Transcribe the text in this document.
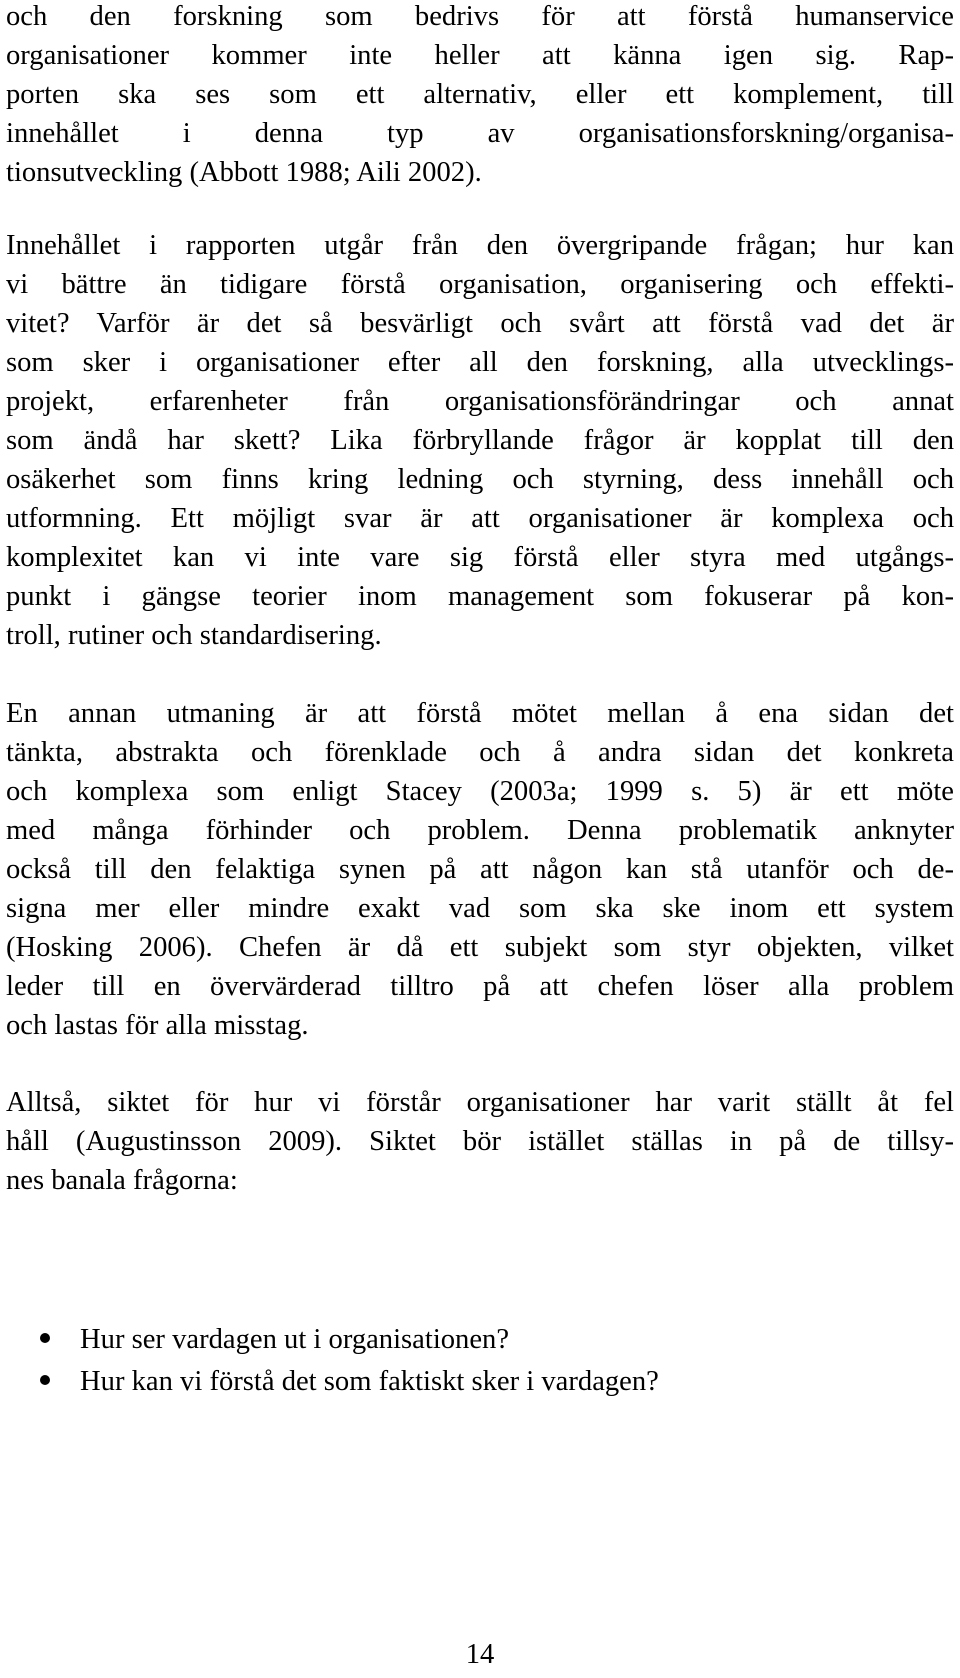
och den forskning som bedrivs för att förstå humanservice
organisationer kommer inte heller att känna igen sig. Rap-
porten ska ses som ett alternativ, eller ett komplement, till
innehållet i denna typ av organisationsforskning/organisa-
tionsutveckling (Abbott 1988; Aili 2002).
Innehållet i rapporten utgår från den övergripande frågan; hur kan
vi bättre än tidigare förstå organisation, organisering och effekti-
vitet? Varför är det så besvärligt och svårt att förstå vad det är
som sker i organisationer efter all den forskning, alla utvecklings-
projekt, erfarenheter från organisationsförändringar och annat
som ändå har skett? Lika förbryllande frågor är kopplat till den
osäkerhet som finns kring ledning och styrning, dess innehåll och
utformning. Ett möjligt svar är att organisationer är komplexa och
komplexitet kan vi inte vare sig förstå eller styra med utgångs-
punkt i gängse teorier inom management som fokuserar på kon-
troll, rutiner och standardisering.
En annan utmaning är att förstå mötet mellan å ena sidan det
tänkta, abstrakta och förenklade och å andra sidan det konkreta
och komplexa som enligt Stacey (2003a; 1999 s. 5) är ett möte
med många förhinder och problem. Denna problematik anknyter
också till den felaktiga synen på att någon kan stå utanför och de-
signa mer eller mindre exakt vad som ska ske inom ett system
(Hosking 2006). Chefen är då ett subjekt som styr objekten, vilket
leder till en övervärderad tilltro på att chefen löser alla problem
och lastas för alla misstag.
Alltså, siktet för hur vi förstår organisationer har varit ställt åt fel
håll (Augustinsson 2009). Siktet bör istället ställas in på de tillsy-
nes banala frågorna:
Hur ser vardagen ut i organisationen?
Hur kan vi förstå det som faktiskt sker i vardagen?
14
